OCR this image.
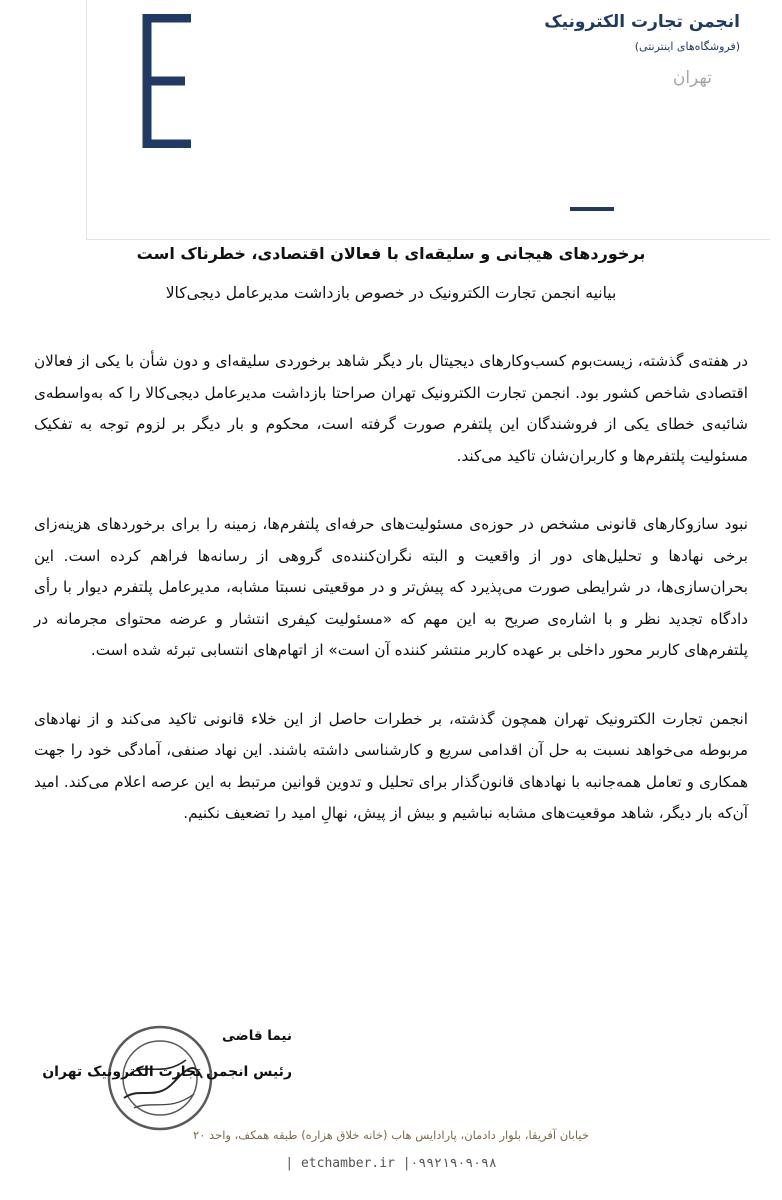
انجمن تجارت الکترونیک
(فروشگاه‌های اینترنتی)
تهران
برخوردهای هیجانی و سلیقه‌ای با فعالان اقتصادی، خطرناک است
بیانیه انجمن تجارت الکترونیک در خصوص بازداشت مدیرعامل دیجی‌کالا

در هفته‌ی گذشته، زیست‌بوم کسب‌وکارهای دیجیتال بار دیگر شاهد برخوردی سلیقه‌ای و دون شأن با یکی از فعالان اقتصادی شاخص کشور بود. انجمن تجارت الکترونیک تهران صراحتا بازداشت مدیرعامل دیجی‌کالا را که به‌واسطه‌ی شائبه‌ی خطای یکی از فروشندگان این پلتفرم صورت گرفته است، محکوم و بار دیگر بر لزوم توجه به تفکیک مسئولیت پلتفرم‌ها و کاربران‌شان تاکید می‌کند.

نبود سازوکارهای قانونی مشخص در حوزه‌ی مسئولیت‌های حرفه‌ای پلتفرم‌ها، زمینه را برای برخوردهای هزینه‌زای برخی نهادها و تحلیل‌های دور از واقعیت و البته نگران‌کننده‌ی گروهی از رسانه‌ها فراهم کرده است. این بحران‌سازی‌ها، در شرایطی صورت می‌پذیرد که پیش‌تر و در موقعیتی نسبتا مشابه، مدیرعامل پلتفرم دیوار با رأی دادگاه تجدید نظر و با اشاره‌ی صریح به این مهم که «مسئولیت کیفری انتشار و عرضه محتوای مجرمانه در پلتفرم‌های کاربر محور داخلی بر عهده کاربر منتشر کننده آن است» از اتهام‌های انتسابی تبرئه شده است.

انجمن تجارت الکترونیک تهران همچون گذشته، بر خطرات حاصل از این خلاء قانونی تاکید می‌کند و از نهادهای مربوطه می‌خواهد نسبت به حل آن اقدامی سریع و کارشناسی داشته باشند. این نهاد صنفی، آمادگی خود را جهت همکاری و تعامل همه‌جانبه با نهادهای قانون‌گذار برای تحلیل و تدوین قوانین مرتبط به این عرصه اعلام می‌کند. امید آن‌که بار دیگر، شاهد موقعیت‌های مشابه نباشیم و بیش از پیش، نهالِ امید را تضعیف نکنیم.

نیما قاضی
رئیس انجمن تجارت الکترونیک تهران
خیابان آفریقا، بلوار دادمان، پارادایس هاب (خانه خلاق هزاره) طبقه همکف، واحد ۲۰
| etchamber.ir |۰۹۹۲۱۹۰۹۰۹۸
